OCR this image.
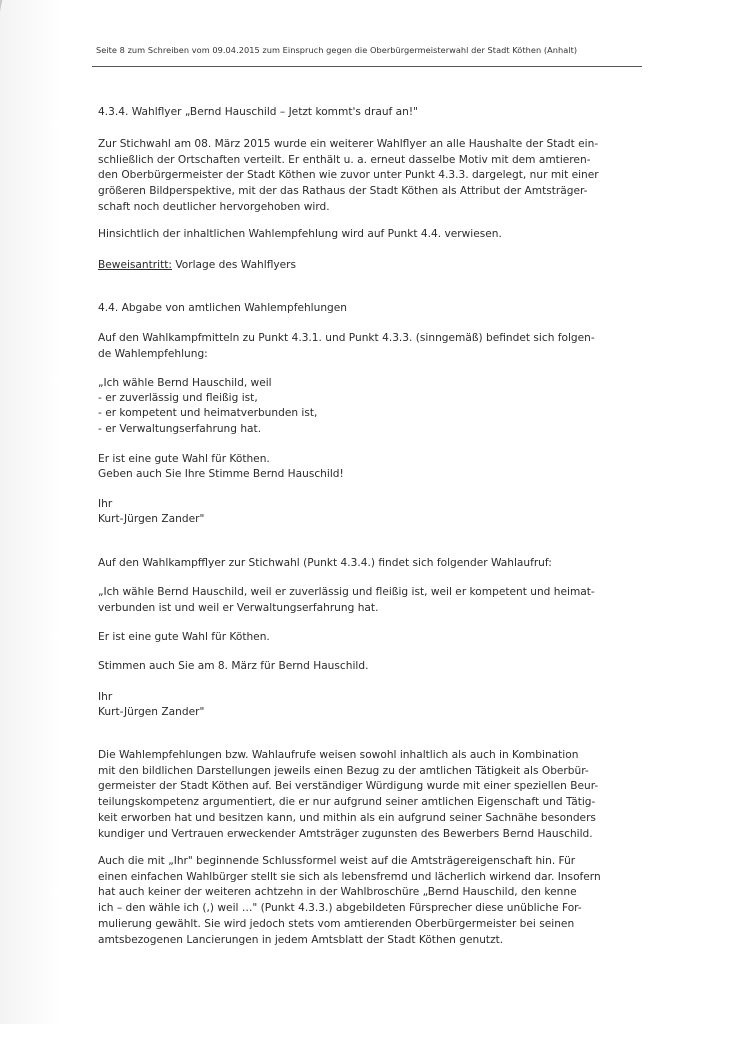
Seite 8 zum Schreiben vom 09.04.2015 zum Einspruch gegen die Oberbürgermeisterwahl der Stadt Köthen (Anhalt)

4.3.4. Wahlflyer „Bernd Hauschild – Jetzt kommt's drauf an!"

Zur Stichwahl am 08. März 2015 wurde ein weiterer Wahlflyer an alle Haushalte der Stadt ein-
schließlich der Ortschaften verteilt. Er enthält u. a. erneut dasselbe Motiv mit dem amtieren-
den Oberbürgermeister der Stadt Köthen wie zuvor unter Punkt 4.3.3. dargelegt, nur mit einer
größeren Bildperspektive, mit der das Rathaus der Stadt Köthen als Attribut der Amtsträger-
schaft noch deutlicher hervorgehoben wird.

Hinsichtlich der inhaltlichen Wahlempfehlung wird auf Punkt 4.4. verwiesen.

Beweisantritt: Vorlage des Wahlflyers

4.4. Abgabe von amtlichen Wahlempfehlungen

Auf den Wahlkampfmitteln zu Punkt 4.3.1. und Punkt 4.3.3. (sinngemäß) befindet sich folgen-
de Wahlempfehlung:
„Ich wähle Bernd Hauschild, weil
- er zuverlässig und fleißig ist,
- er kompetent und heimatverbunden ist,
- er Verwaltungserfahrung hat.
Er ist eine gute Wahl für Köthen.
Geben auch Sie Ihre Stimme Bernd Hauschild!
Ihr
Kurt-Jürgen Zander"

Auf den Wahlkampfflyer zur Stichwahl (Punkt 4.3.4.) findet sich folgender Wahlaufruf:

„Ich wähle Bernd Hauschild, weil er zuverlässig und fleißig ist, weil er kompetent und heimat-
verbunden ist und weil er Verwaltungserfahrung hat.

Er ist eine gute Wahl für Köthen.

Stimmen auch Sie am 8. März für Bernd Hauschild.

Ihr
Kurt-Jürgen Zander"
Die Wahlempfehlungen bzw. Wahlaufrufe weisen sowohl inhaltlich als auch in Kombination
mit den bildlichen Darstellungen jeweils einen Bezug zu der amtlichen Tätigkeit als Oberbür-
germeister der Stadt Köthen auf. Bei verständiger Würdigung wurde mit einer speziellen Beur-
teilungskompetenz argumentiert, die er nur aufgrund seiner amtlichen Eigenschaft und Tätig-
keit erworben hat und besitzen kann, und mithin als ein aufgrund seiner Sachnähe besonders
kundiger und Vertrauen erweckender Amtsträger zugunsten des Bewerbers Bernd Hauschild.
Auch die mit „Ihr" beginnende Schlussformel weist auf die Amtsträgereigenschaft hin. Für
einen einfachen Wahlbürger stellt sie sich als lebensfremd und lächerlich wirkend dar. Insofern
hat auch keiner der weiteren achtzehn in der Wahlbroschüre „Bernd Hauschild, den kenne
ich – den wähle ich (,) weil …" (Punkt 4.3.3.) abgebildeten Fürsprecher diese unübliche For-
mulierung gewählt. Sie wird jedoch stets vom amtierenden Oberbürgermeister bei seinen
amtsbezogenen Lancierungen in jedem Amtsblatt der Stadt Köthen genutzt.
